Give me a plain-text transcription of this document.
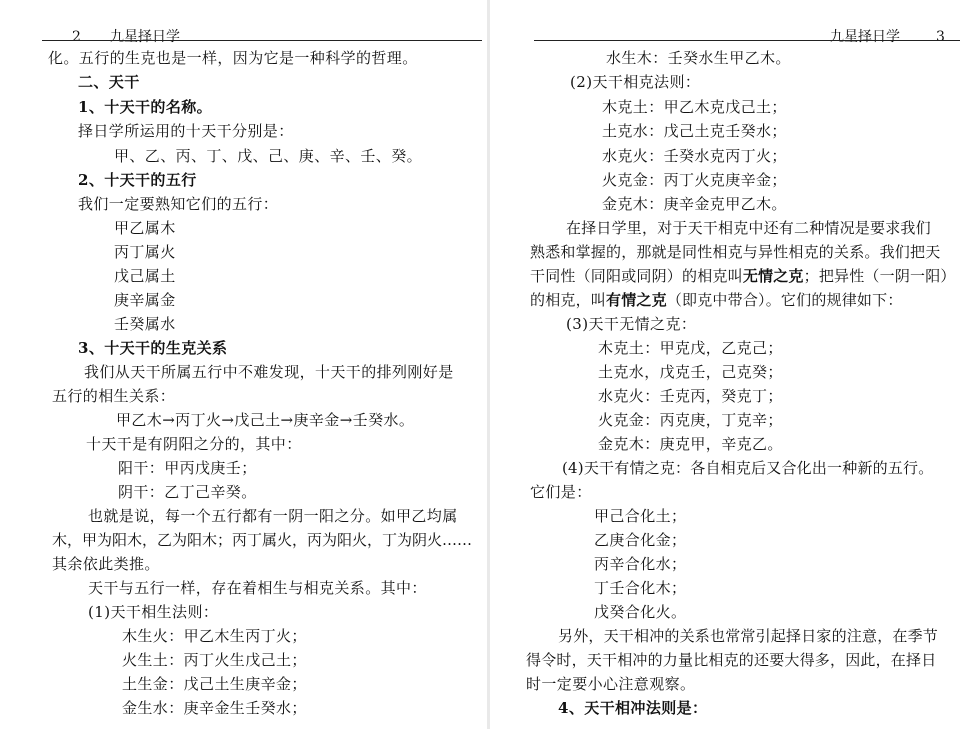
2 九星择日学
化。五行的生克也是一样，因为它是一种科学的哲理。
二、天干
1、十天干的名称。
择日学所运用的十天干分别是：
甲、乙、丙、丁、戊、己、庚、辛、壬、癸。
2、十天干的五行
我们一定要熟知它们的五行：
甲乙属木
丙丁属火
戊己属土
庚辛属金
壬癸属水
3、十天干的生克关系
我们从天干所属五行中不难发现，十天干的排列刚好是
五行的相生关系：
甲乙木→丙丁火→戊己土→庚辛金→壬癸水。
十天干是有阴阳之分的，其中：
阳干：甲丙戊庚壬；
阴干：乙丁己辛癸。
也就是说，每一个五行都有一阴一阳之分。如甲乙均属
木，甲为阳木，乙为阳木；丙丁属火，丙为阳火，丁为阴火……
其余依此类推。
天干与五行一样，存在着相生与相克关系。其中：
(1)天干相生法则：
木生火：甲乙木生丙丁火；
火生土：丙丁火生戊己土；
土生金：戊己土生庚辛金；
金生水：庚辛金生壬癸水；
九星择日学	3
水生木：壬癸水生甲乙木。
(2)天干相克法则：
木克土：甲乙木克戊己土；
土克水：戊己土克壬癸水；
水克火：壬癸水克丙丁火；
火克金：丙丁火克庚辛金；
金克木：庚辛金克甲乙木。
在择日学里，对于天干相克中还有二种情况是要求我们
熟悉和掌握的，那就是同性相克与异性相克的关系。我们把天
干同性（同阳或同阴）的相克叫无情之克；把异性（一阴一阳）
的相克，叫有情之克（即克中带合）。它们的规律如下：
(3)天干无情之克：
木克土：甲克戊，乙克己；
土克水，戊克壬，己克癸；
水克火：壬克丙，癸克丁；
火克金：丙克庚，丁克辛；
金克木：庚克甲，辛克乙。
(4)天干有情之克：各自相克后又合化出一种新的五行。
它们是：
甲己合化土；
乙庚合化金；
丙辛合化水；
丁壬合化木；
戊癸合化火。
另外，天干相冲的关系也常常引起择日家的注意，在季节
得令时，天干相冲的力量比相克的还要大得多，因此，在择日
时一定要小心注意观察。
4、天干相冲法则是：
